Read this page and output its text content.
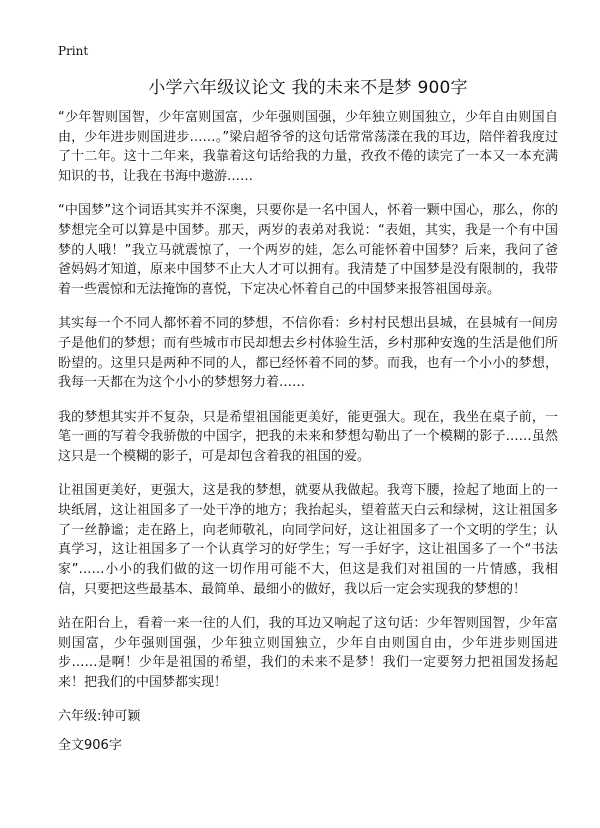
Print
小学六年级议论文 我的未来不是梦 900字

“少年智则国智，少年富则国富，少年强则国强，少年独立则国独立，少年自由则国自由，少年进步则国进步……。”梁启超爷爷的这句话常常荡漾在我的耳边，陪伴着我度过了十二年。这十二年来，我靠着这句话给我的力量，孜孜不倦的读完了一本又一本充满知识的书，让我在书海中遨游……

“中国梦”这个词语其实并不深奥，只要你是一名中国人，怀着一颗中国心，那么，你的梦想完全可以算是中国梦。那天，两岁的表弟对我说：“表姐，其实，我是一个有中国梦的人哦！”我立马就震惊了，一个两岁的娃，怎么可能怀着中国梦？后来，我问了爸爸妈妈才知道，原来中国梦不止大人才可以拥有。我清楚了中国梦是没有限制的，我带着一些震惊和无法掩饰的喜悦，下定决心怀着自己的中国梦来报答祖国母亲。

其实每一个不同人都怀着不同的梦想，不信你看：乡村村民想出县城，在县城有一间房子是他们的梦想；而有些城市市民却想去乡村体验生活，乡村那种安逸的生活是他们所盼望的。这里只是两种不同的人，都已经怀着不同的梦。而我，也有一个小小的梦想，我每一天都在为这个小小的梦想努力着……

我的梦想其实并不复杂，只是希望祖国能更美好，能更强大。现在，我坐在桌子前，一笔一画的写着令我骄傲的中国字，把我的未来和梦想勾勒出了一个模糊的影子……虽然这只是一个模糊的影子，可是却包含着我的祖国的爱。

让祖国更美好，更强大，这是我的梦想，就要从我做起。我弯下腰，捡起了地面上的一块纸屑，这让祖国多了一处干净的地方；我抬起头，望着蓝天白云和绿树，这让祖国多了一丝静谧；走在路上，向老师敬礼，向同学问好，这让祖国多了一个文明的学生；认真学习，这让祖国多了一个认真学习的好学生；写一手好字，这让祖国多了一个“书法家”……小小的我们做的这一切作用可能不大，但这是我们对祖国的一片情感，我相信，只要把这些最基本、最简单、最细小的做好，我以后一定会实现我的梦想的！

站在阳台上，看着一来一往的人们，我的耳边又响起了这句话：少年智则国智，少年富则国富，少年强则国强，少年独立则国独立，少年自由则国自由，少年进步则国进步……是啊！少年是祖国的希望，我们的未来不是梦！我们一定要努力把祖国发扬起来！把我们的中国梦都实现！

六年级:钟可颖
全文906字
